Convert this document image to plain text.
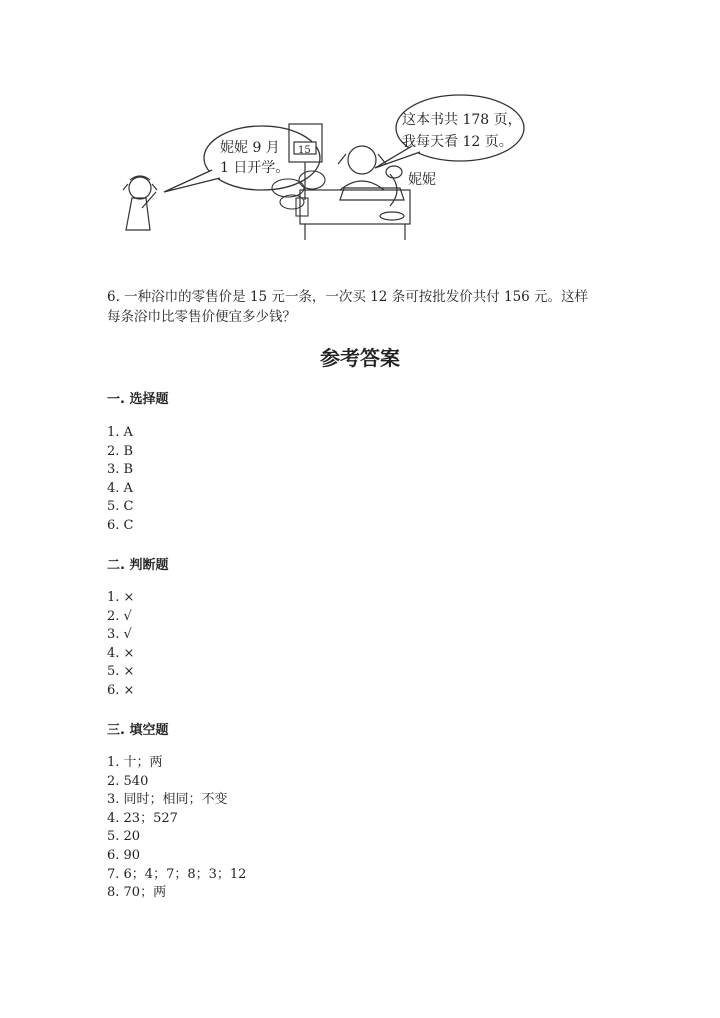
妮妮 9 月
1 日开学。
这本书共 178 页，
我每天看 12 页。
妮妮
15
6. 一种浴巾的零售价是 15 元一条，一次买 12 条可按批发价共付 156 元。这样
每条浴巾比零售价便宜多少钱？
参考答案
一. 选择题
1. A
2. B
3. B
4. A
5. C
6. C
二. 判断题
1. ×
2. √
3. √
4. ×
5. ×
6. ×
三. 填空题
1. 十；两
2. 540
3. 同时；相同；不变
4. 23；527
5. 20
6. 90
7. 6；4；7；8；3；12
8. 70；两
